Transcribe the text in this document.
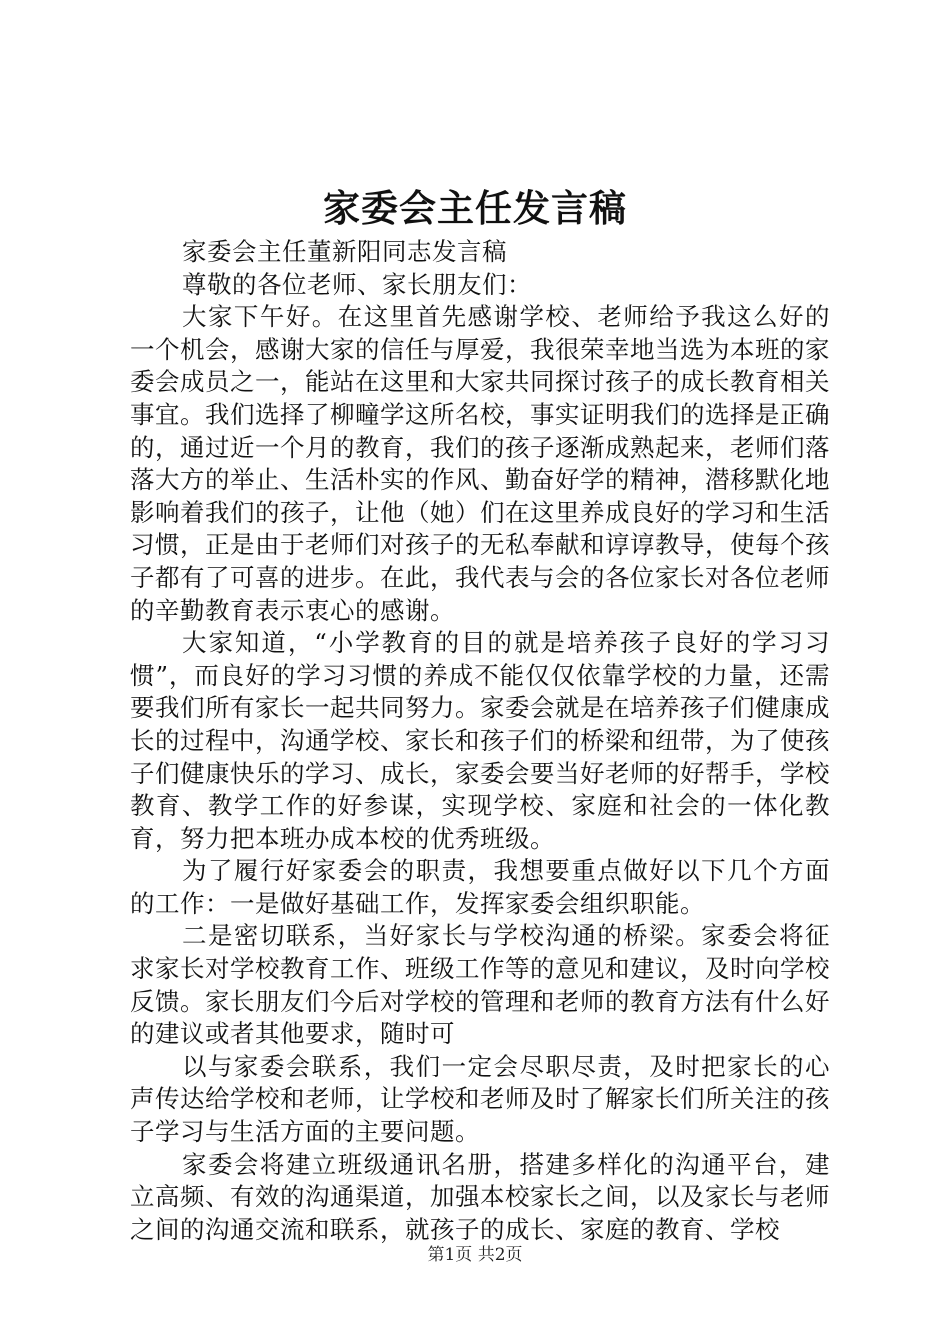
家委会主任发言稿

家委会主任董新阳同志发言稿

尊敬的各位老师、家长朋友们：

大家下午好。在这里首先感谢学校、老师给予我这么好的一个机会，感谢大家的信任与厚爱，我很荣幸地当选为本班的家委会成员之一，能站在这里和大家共同探讨孩子的成长教育相关事宜。我们选择了柳疃学这所名校，事实证明我们的选择是正确的，通过近一个月的教育，我们的孩子逐渐成熟起来，老师们落落大方的举止、生活朴实的作风、勤奋好学的精神，潜移默化地影响着我们的孩子，让他（她）们在这里养成良好的学习和生活习惯，正是由于老师们对孩子的无私奉献和谆谆教导，使每个孩子都有了可喜的进步。在此，我代表与会的各位家长对各位老师的辛勤教育表示衷心的感谢。

大家知道，“小学教育的目的就是培养孩子良好的学习习惯”，而良好的学习习惯的养成不能仅仅依靠学校的力量，还需要我们所有家长一起共同努力。家委会就是在培养孩子们健康成长的过程中，沟通学校、家长和孩子们的桥梁和纽带，为了使孩子们健康快乐的学习、成长，家委会要当好老师的好帮手，学校教育、教学工作的好参谋，实现学校、家庭和社会的一体化教育，努力把本班办成本校的优秀班级。

为了履行好家委会的职责，我想要重点做好以下几个方面的工作：一是做好基础工作，发挥家委会组织职能。

二是密切联系，当好家长与学校沟通的桥梁。家委会将征求家长对学校教育工作、班级工作等的意见和建议，及时向学校反馈。家长朋友们今后对学校的管理和老师的教育方法有什么好的建议或者其他要求，随时可

以与家委会联系，我们一定会尽职尽责，及时把家长的心声传达给学校和老师，让学校和老师及时了解家长们所关注的孩子学习与生活方面的主要问题。

家委会将建立班级通讯名册，搭建多样化的沟通平台，建立高频、有效的沟通渠道，加强本校家长之间，以及家长与老师之间的沟通交流和联系，就孩子的成长、家庭的教育、学校

第1页 共2页
